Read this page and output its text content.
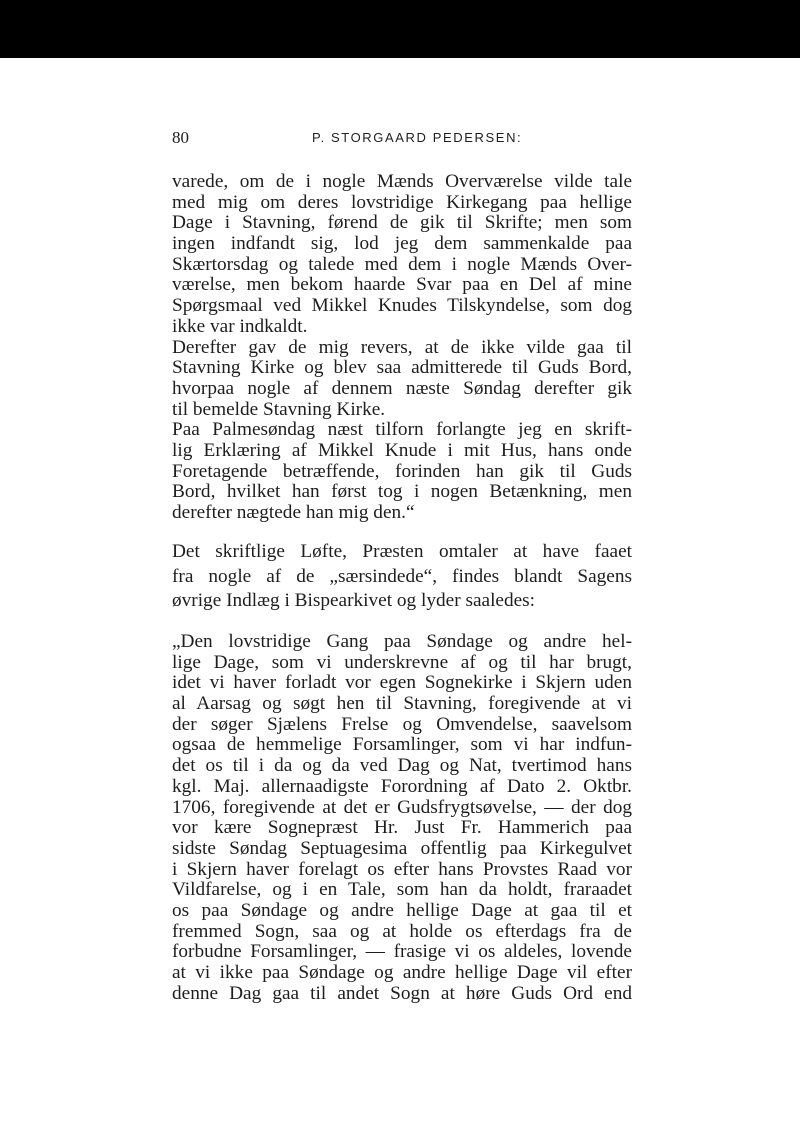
80	P. STORGAARD PEDERSEN:
varede, om de i nogle Mænds Overværelse vilde tale
med mig om deres lovstridige Kirkegang paa hellige
Dage i Stavning, førend de gik til Skrifte; men som
ingen indfandt sig, lod jeg dem sammenkalde paa
Skærtorsdag og talede med dem i nogle Mænds Over-
værelse, men bekom haarde Svar paa en Del af mine
Spørgsmaal ved Mikkel Knudes Tilskyndelse, som dog
ikke var indkaldt.
Derefter gav de mig revers, at de ikke vilde gaa til
Stavning Kirke og blev saa admitterede til Guds Bord,
hvorpaa nogle af dennem næste Søndag derefter gik
til bemelde Stavning Kirke.
Paa Palmesøndag næst tilforn forlangte jeg en skrift-
lig Erklæring af Mikkel Knude i mit Hus, hans onde
Foretagende betræffende, forinden han gik til Guds
Bord, hvilket han først tog i nogen Betænkning, men
derefter nægtede han mig den.“
Det skriftlige Løfte, Præsten omtaler at have faaet
fra nogle af de „særsindede“, findes blandt Sagens
øvrige Indlæg i Bispearkivet og lyder saaledes:
„Den lovstridige Gang paa Søndage og andre hel-
lige Dage, som vi underskrevne af og til har brugt,
idet vi haver forladt vor egen Sognekirke i Skjern uden
al Aarsag og søgt hen til Stavning, foregivende at vi
der søger Sjælens Frelse og Omvendelse, saavelsom
ogsaa de hemmelige Forsamlinger, som vi har indfun-
det os til i da og da ved Dag og Nat, tvertimod hans
kgl. Maj. allernaadigste Forordning af Dato 2. Oktbr.
1706, foregivende at det er Gudsfrygtsøvelse, — der dog
vor kære Sognepræst Hr. Just Fr. Hammerich paa
sidste Søndag Septuagesima offentlig paa Kirkegulvet
i Skjern haver forelagt os efter hans Provstes Raad vor
Vildfarelse, og i en Tale, som han da holdt, fraraadet
os paa Søndage og andre hellige Dage at gaa til et
fremmed Sogn, saa og at holde os efterdags fra de
forbudne Forsamlinger, — frasige vi os aldeles, lovende
at vi ikke paa Søndage og andre hellige Dage vil efter
denne Dag gaa til andet Sogn at høre Guds Ord end
